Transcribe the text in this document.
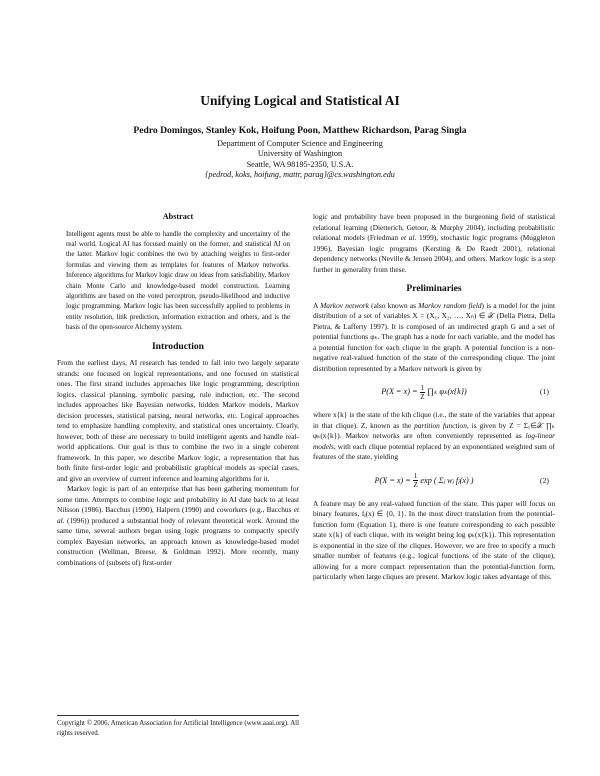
Unifying Logical and Statistical AI
Pedro Domingos, Stanley Kok, Hoifung Poon, Matthew Richardson, Parag Singla
Department of Computer Science and Engineering
University of Washington
Seattle, WA 98195-2350, U.S.A.
{pedrod, koks, hoifung, mattr, parag}@cs.washington.edu
Abstract

Intelligent agents must be able to handle the complexity and uncertainty of the real world. Logical AI has focused mainly on the former, and statistical AI on the latter. Markov logic combines the two by attaching weights to first-order formulas and viewing them as templates for features of Markov networks. Inference algorithms for Markov logic draw on ideas from satisfiability, Markov chain Monte Carlo and knowledge-based model construction. Learning algorithms are based on the voted perceptron, pseudo-likelihood and inductive logic programming. Markov logic has been successfully applied to problems in entity resolution, link prediction, information extraction and others, and is the basis of the open-source Alchemy system.

Introduction

From the earliest days, AI research has tended to fall into two largely separate strands: one focused on logical representations, and one focused on statistical ones. The first strand includes approaches like logic programming, description logics, classical planning, symbolic parsing, rule induction, etc. The second includes approaches like Bayesian networks, hidden Markov models, Markov decision processes, statistical parsing, neural networks, etc. Logical approaches tend to emphasize handling complexity, and statistical ones uncertainty. Clearly, however, both of these are necessary to build intelligent agents and handle real-world applications. Our goal is thus to combine the two in a single coherent framework. In this paper, we describe Markov logic, a representation that has both finite first-order logic and probabilistic graphical models as special cases, and give an overview of current inference and learning algorithms for it.

Markov logic is part of an enterprise that has been gathering momentum for some time. Attempts to combine logic and probability in AI date back to at least Nilsson (1986). Bacchus (1990), Halpern (1990) and coworkers (e.g., Bacchus et al. (1996)) produced a substantial body of relevant theoretical work. Around the same time, several authors began using logic programs to compactly specify complex Bayesian networks, an approach known as knowledge-based model construction (Wellman, Breese, & Goldman 1992). More recently, many combinations of (subsets of) first-order

logic and probability have been proposed in the burgeoning field of statistical relational learning (Dietterich, Getoor, & Murphy 2004), including probabilistic relational models (Friedman et al. 1999), stochastic logic programs (Muggleton 1996), Bayesian logic programs (Kersting & De Raedt 2001), relational dependency networks (Neville & Jensen 2004), and others. Markov logic is a step further in generality from these.

Preliminaries

A Markov network (also known as Markov random field) is a model for the joint distribution of a set of variables X = (X₁, X₂, …, Xₙ) ∈ 𝒳 (Della Pietra, Della Pietra, & Lafferty 1997). It is composed of an undirected graph G and a set of potential functions φₖ. The graph has a node for each variable, and the model has a potential function for each clique in the graph. A potential function is a non-negative real-valued function of the state of the corresponding clique. The joint distribution represented by a Markov network is given by

$P(X = x) = \frac{1}{Z}$ ∏ₖ φₖ(x{k})	(1)

where x{k} is the state of the kth clique (i.e., the state of the variables that appear in that clique). Z, known as the partition function, is given by Z = Σₓ∈𝒳 ∏ₖ φₖ(x{k}). Markov networks are often conveniently represented as log-linear models, with each clique potential replaced by an exponentiated weighted sum of features of the state, yielding

$P(X = x) = \frac{1}{Z}$ exp ( Σⱼ wⱼ fⱼ(x) )	(2)

A feature may be any real-valued function of the state. This paper will focus on binary features, fⱼ(x) ∈ {0, 1}. In the most direct translation from the potential-function form (Equation 1), there is one feature corresponding to each possible state x{k} of each clique, with its weight being log φₖ(x{k}). This representation is exponential in the size of the cliques. However, we are free to specify a much smaller number of features (e.g., logical functions of the state of the clique), allowing for a more compact representation than the potential-function form, particularly when large cliques are present. Markov logic takes advantage of this.

Copyright © 2006, American Association for Artificial Intelligence (www.aaai.org). All rights reserved.
